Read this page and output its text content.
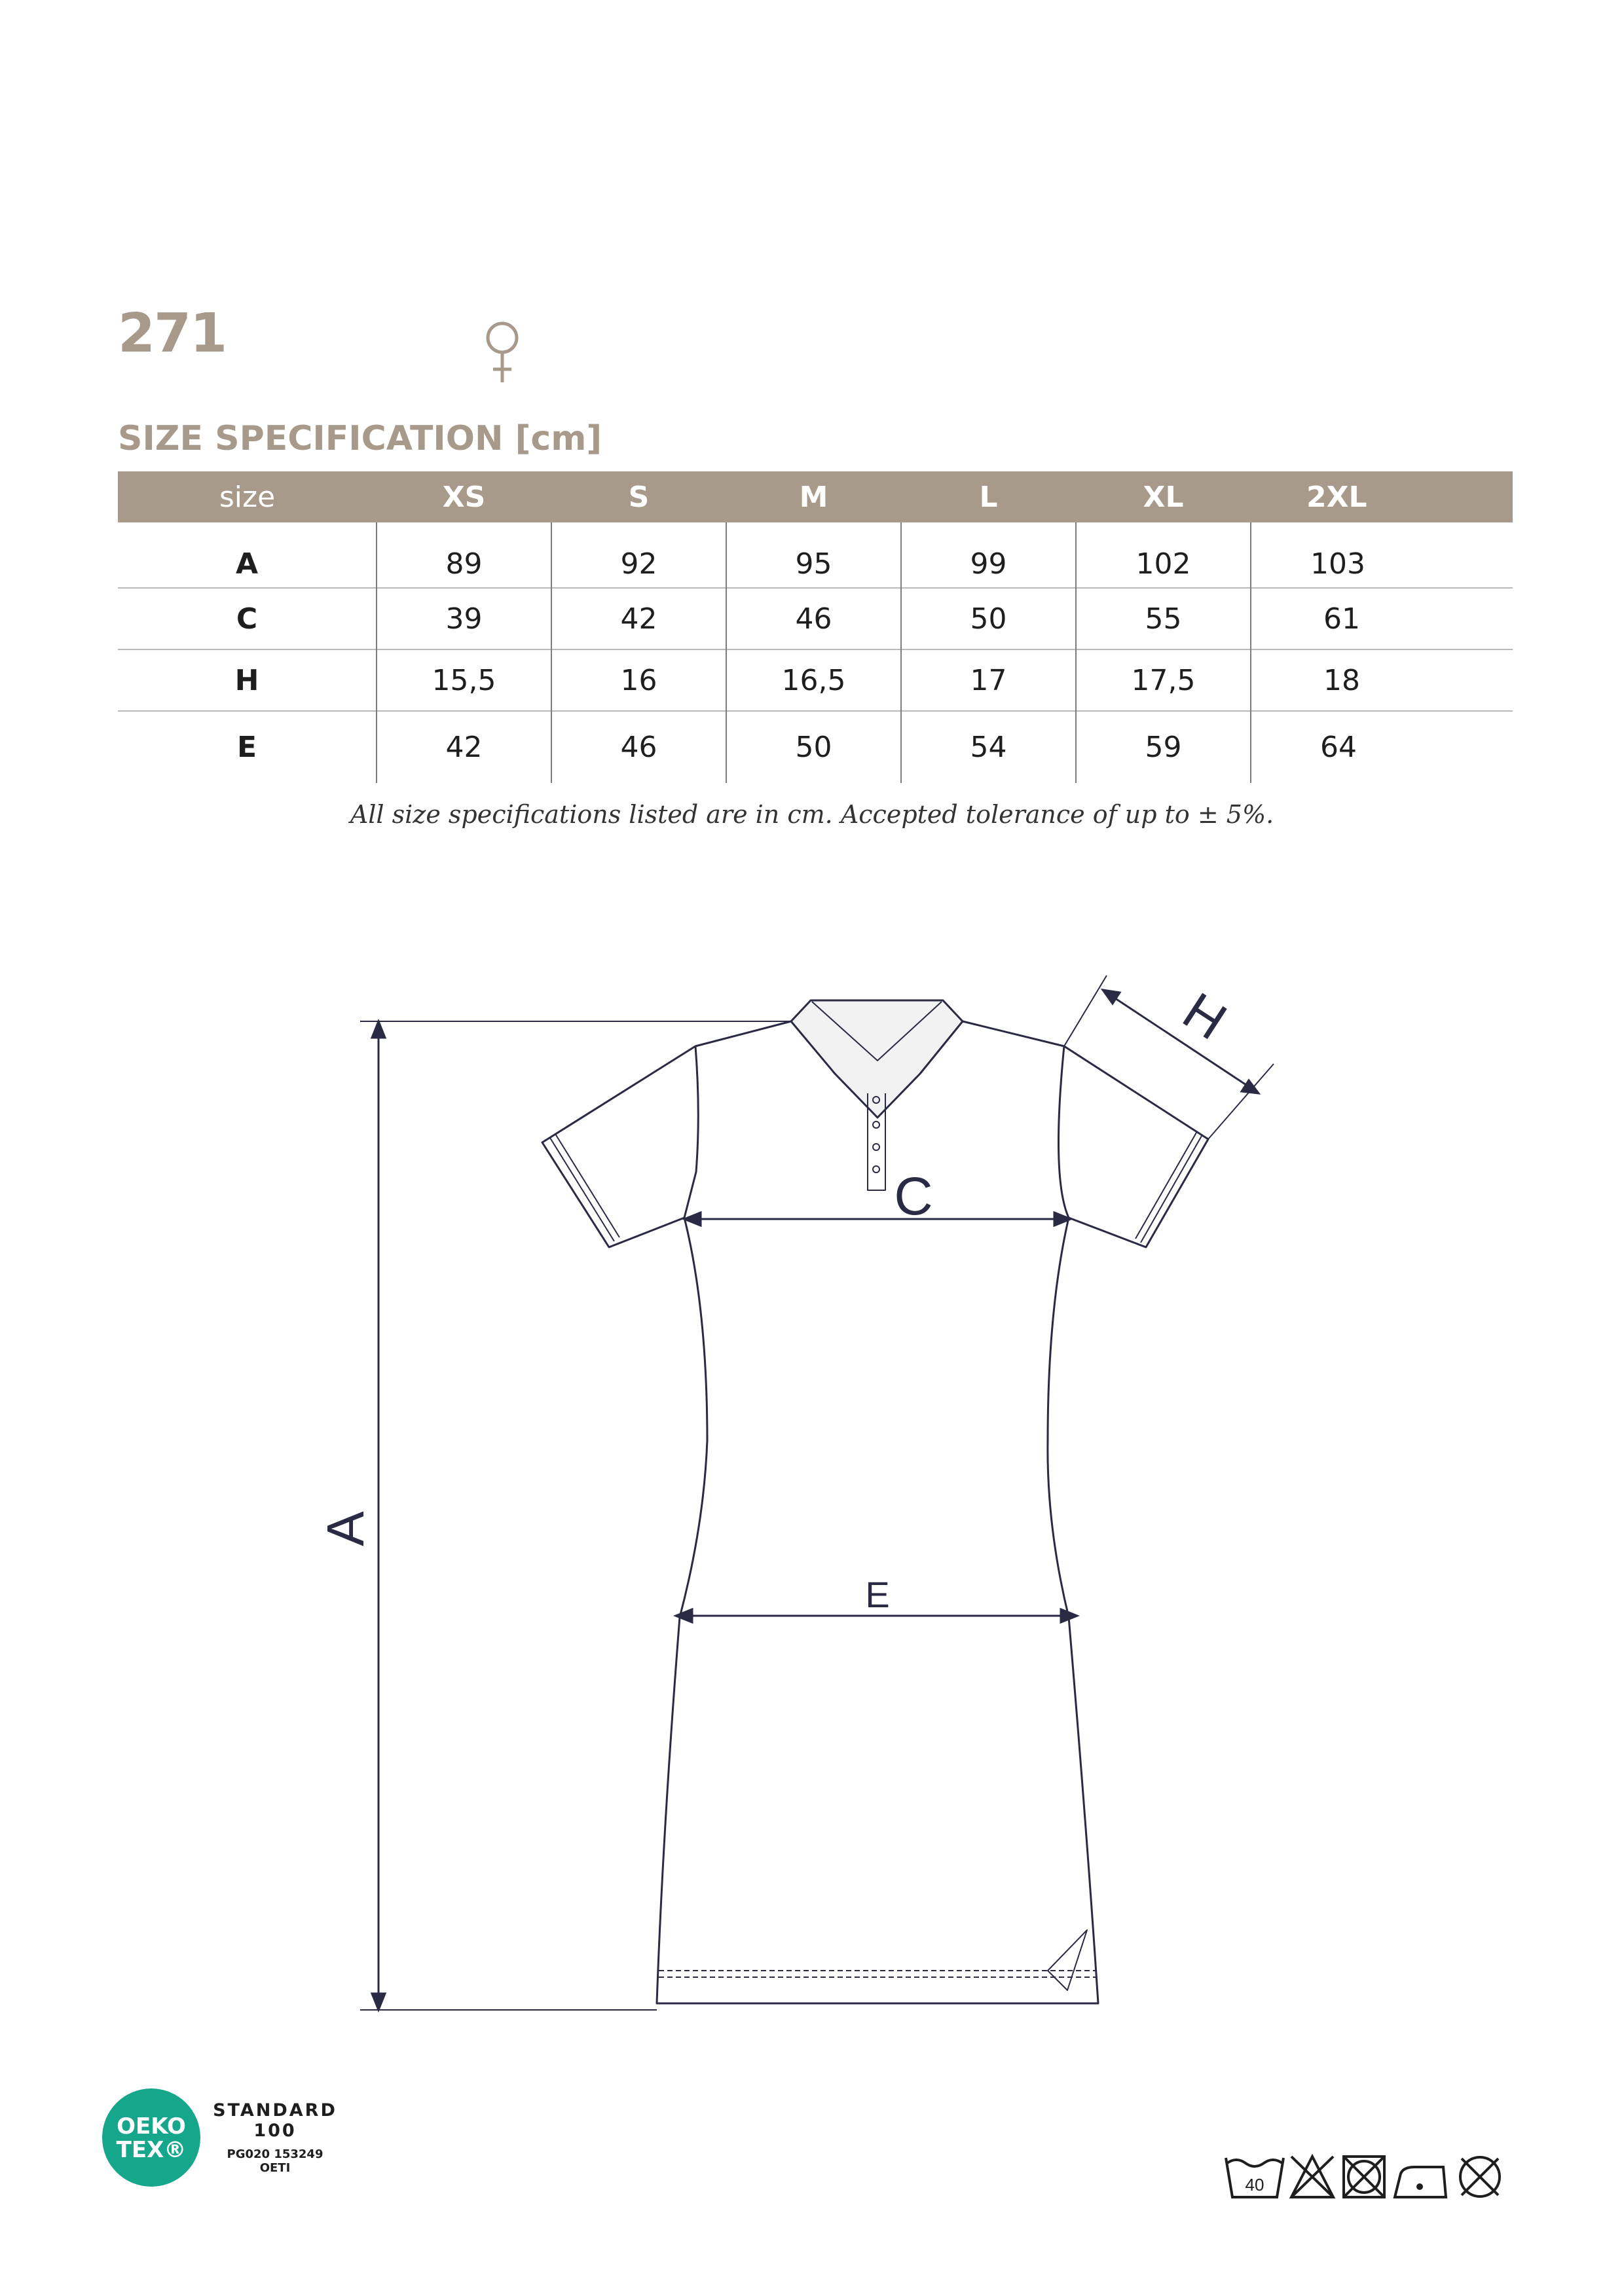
271
SIZE SPECIFICATION [cm]
size	XS	S	M	L	XL	2XL
A	89	92	95	99	102	103
C	39	42	46	50	55	61
H	15,5	16	16,5	17	17,5	18
E	42	46	50	54	59	64
All size specifications listed are in cm. Accepted tolerance of up to ± 5%.
A
C
E
H
OEKO
TEX®
STANDARD
100
PG020 153249
OETI
40
